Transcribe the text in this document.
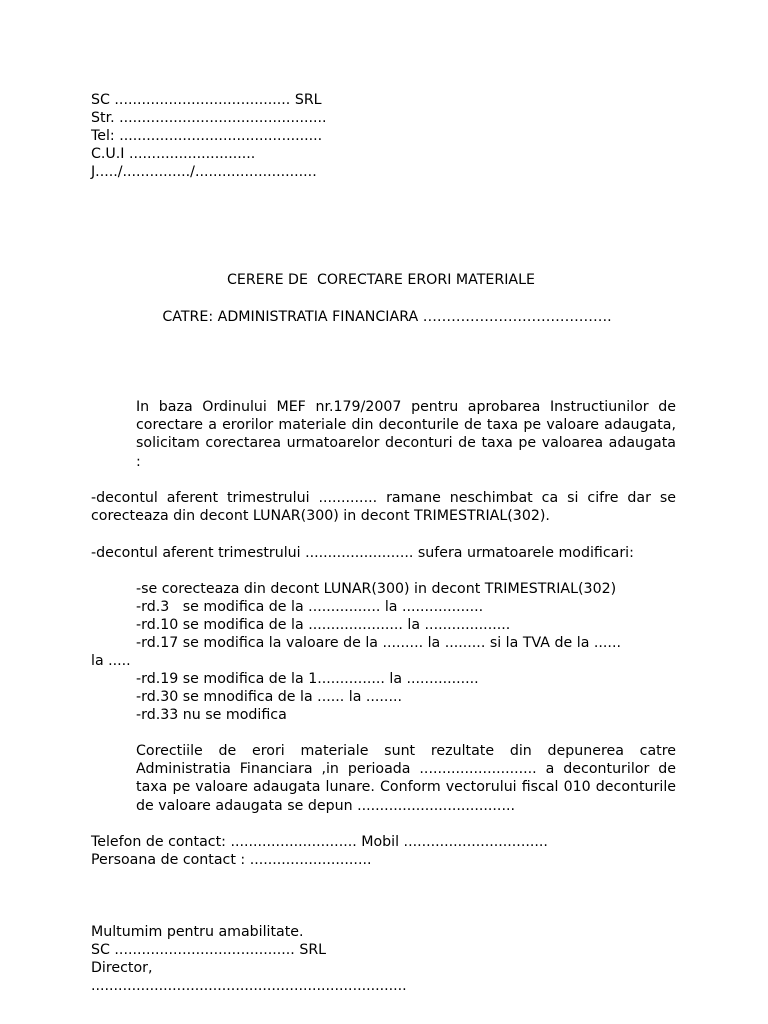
SC ....................................... SRL
Str. ..............................................
Tel: .............................................
C.U.I ............................
J...../.............../...........................
CERERE DE  CORECTARE ERORI MATERIALE
CATRE: ADMINISTRATIA FINANCIARA ………………………………….
In baza Ordinului MEF nr.179/2007 pentru aprobarea Instructiunilor de corectare a erorilor materiale din deconturile de taxa pe valoare adaugata, solicitam corectarea urmatoarelor deconturi de taxa pe valoarea adaugata :
-decontul aferent trimestrului ............. ramane neschimbat ca si cifre dar se corecteaza din decont LUNAR(300) in decont TRIMESTRIAL(302).
-decontul aferent trimestrului ........................ sufera urmatoarele modificari:
-se corecteaza din decont LUNAR(300) in decont TRIMESTRIAL(302)
-rd.3   se modifica de la ................ la ..................
-rd.10 se modifica de la ..................... la ...................
-rd.17 se modifica la valoare de la ......... la ......... si la TVA de la ......
la .....
-rd.19 se modifica de la 1............... la ................
-rd.30 se mnodifica de la ...... la ........
-rd.33 nu se modifica
Corectiile de erori materiale sunt rezultate din depunerea catre Administratia Financiara ,in perioada .......................... a deconturilor de taxa pe valoare adaugata lunare. Conform vectorului fiscal 010 deconturile de valoare adaugata se depun ...................................
Telefon de contact: ............................ Mobil ................................
Persoana de contact : ...........................
Multumim pentru amabilitate.
SC ........................................ SRL
Director,
......................................................................
